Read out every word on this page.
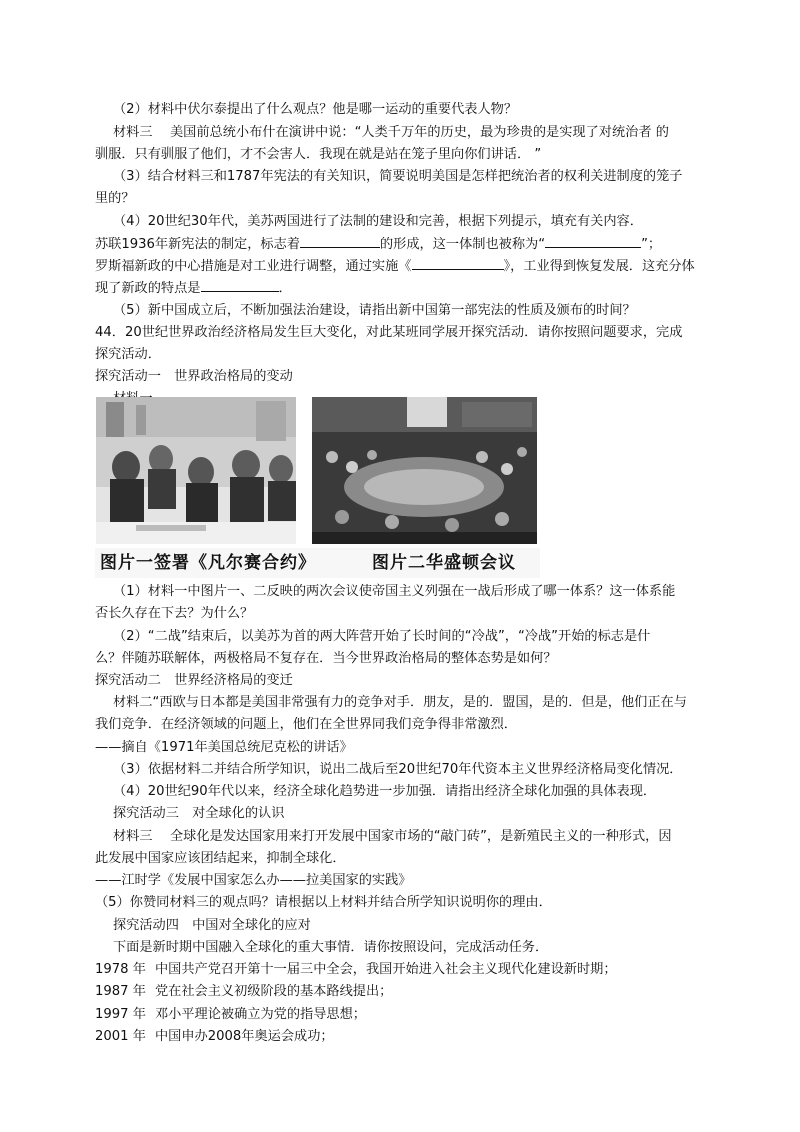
（2）材料中伏尔泰提出了什么观点？他是哪一运动的重要代表人物？
材料三　 美国前总统小布什在演讲中说：“人类千万年的历史，最为珍贵的是实现了对统治者 的
驯服．只有驯服了他们，才不会害人．我现在就是站在笼子里向你们讲话． ”
（3）结合材料三和1787年宪法的有关知识，简要说明美国是怎样把统治者的权利关进制度的笼子
里的？
（4）20世纪30年代，美苏两国进行了法制的建设和完善，根据下列提示，填充有关内容．
苏联1936年新宪法的制定，标志着	的形成，这一体制也被称为“	”；
罗斯福新政的中心措施是对工业进行调整，通过实施《	》，工业得到恢复发展．这充分体
现了新政的特点是	．
（5）新中国成立后，不断加强法治建设，请指出新中国第一部宪法的性质及颁布的时间？
44．20世纪世界政治经济格局发生巨大变化，对此某班同学展开探究活动．请你按照问题要求，完成
探究活动．
探究活动一　世界政治格局的变动
图片一签署《凡尔赛合约》	图片二华盛顿会议
（1）材料一中图片一、二反映的两次会议使帝国主义列强在一战后形成了哪一体系？这一体系能
否长久存在下去？为什么？
（2）“二战”结束后，以美苏为首的两大阵营开始了长时间的“冷战”，“冷战”开始的标志是什
么？伴随苏联解体，两极格局不复存在．当今世界政治格局的整体态势是如何？
探究活动二　世界经济格局的变迁
材料二“西欧与日本都是美国非常强有力的竞争对手．朋友，是的．盟国，是的．但是，他们正在与
我们竞争．在经济领域的问题上，他们在全世界同我们竞争得非常激烈．
——摘自《1971年美国总统尼克松的讲话》
（3）依据材料二并结合所学知识，说出二战后至20世纪70年代资本主义世界经济格局变化情况．
（4）20世纪90年代以来，经济全球化趋势进一步加强．请指出经济全球化加强的具体表现．
探究活动三　对全球化的认识
材料三　 全球化是发达国家用来打开发展中国家市场的“敲门砖”，是新殖民主义的一种形式，因
此发展中国家应该团结起来，抑制全球化．
——江时学《发展中国家怎么办——拉美国家的实践》
（5）你赞同材料三的观点吗？请根据以上材料并结合所学知识说明你的理由．
探究活动四　中国对全球化的应对
下面是新时期中国融入全球化的重大事情．请你按照设问，完成活动任务．
1978 年 中国共产党召开第十一届三中全会，我国开始进入社会主义现代化建设新时期；
1987 年 党在社会主义初级阶段的基本路线提出；
1997 年 邓小平理论被确立为党的指导思想；
2001 年 中国申办2008年奥运会成功；
